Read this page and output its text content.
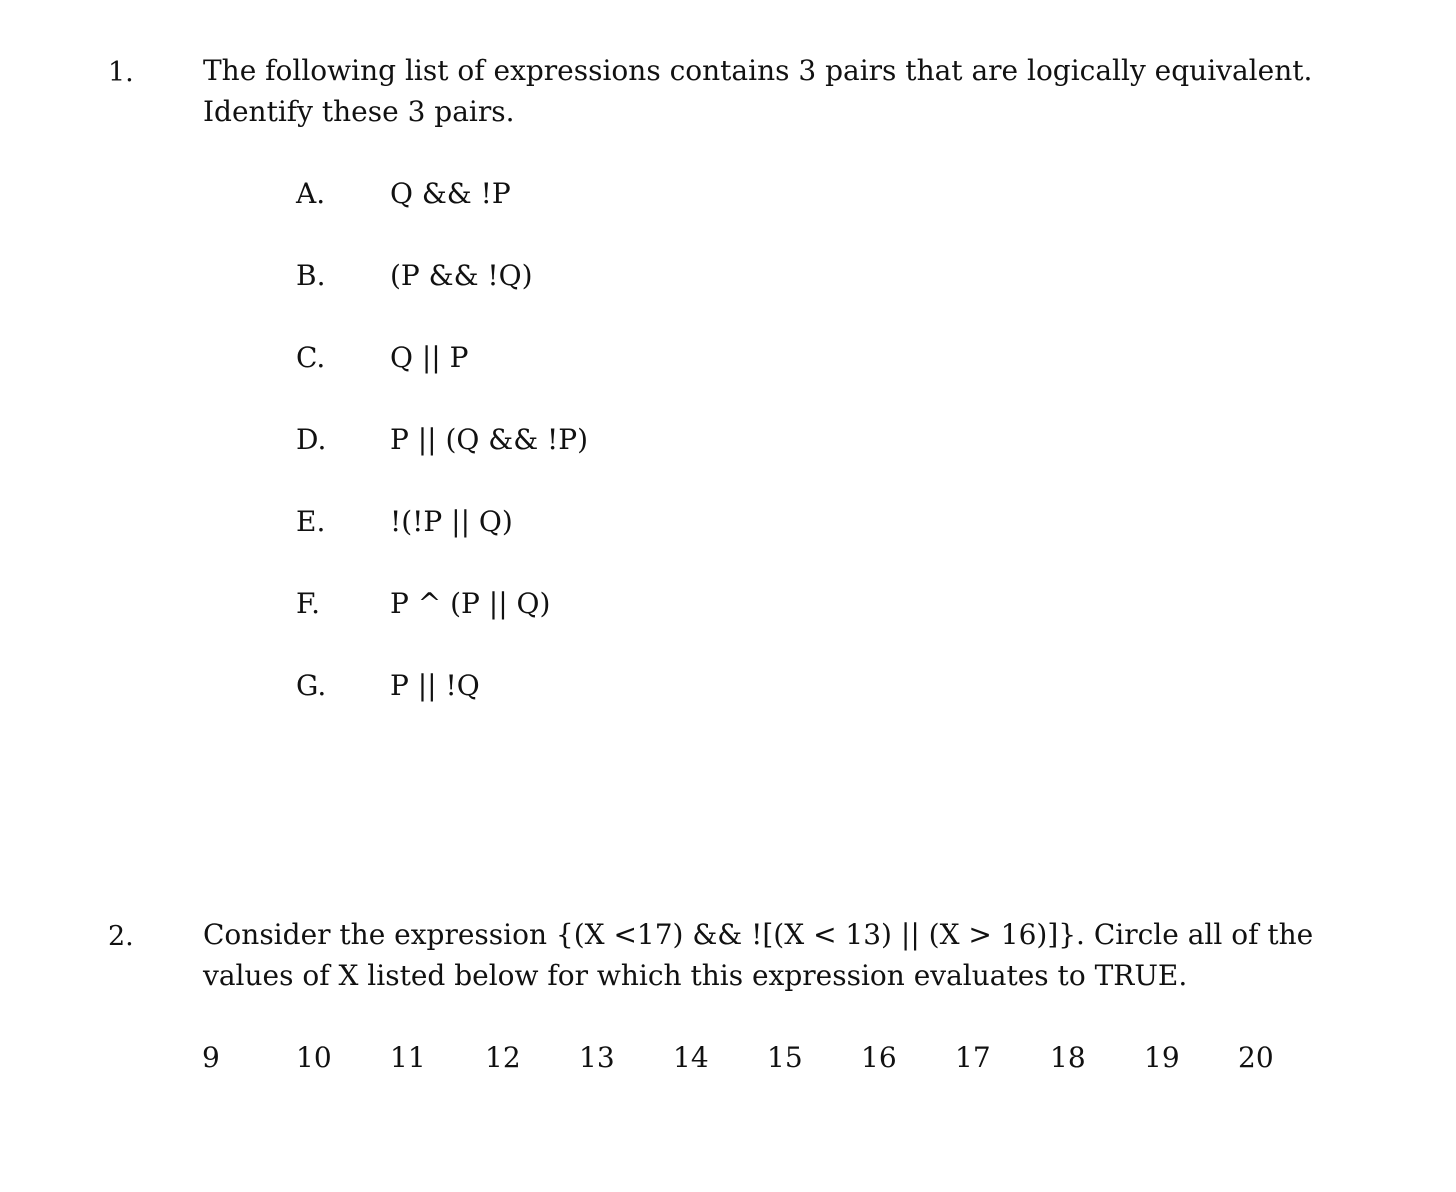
1. The following list of expressions contains 3 pairs that are logically equivalent.
Identify these 3 pairs.
A. Q && !P
B. (P && !Q)
C. Q || P
D. P || (Q && !P)
E. !(!P || Q)
F.	P ^ (P || Q)
G. P || !Q
2. Consider the expression {(X <17) && ![(X < 13) || (X > 16)]}. Circle all of the
values of X listed below for which this expression evaluates to TRUE.
9	10 11 12 13 14 15 16 17 18 19 20
